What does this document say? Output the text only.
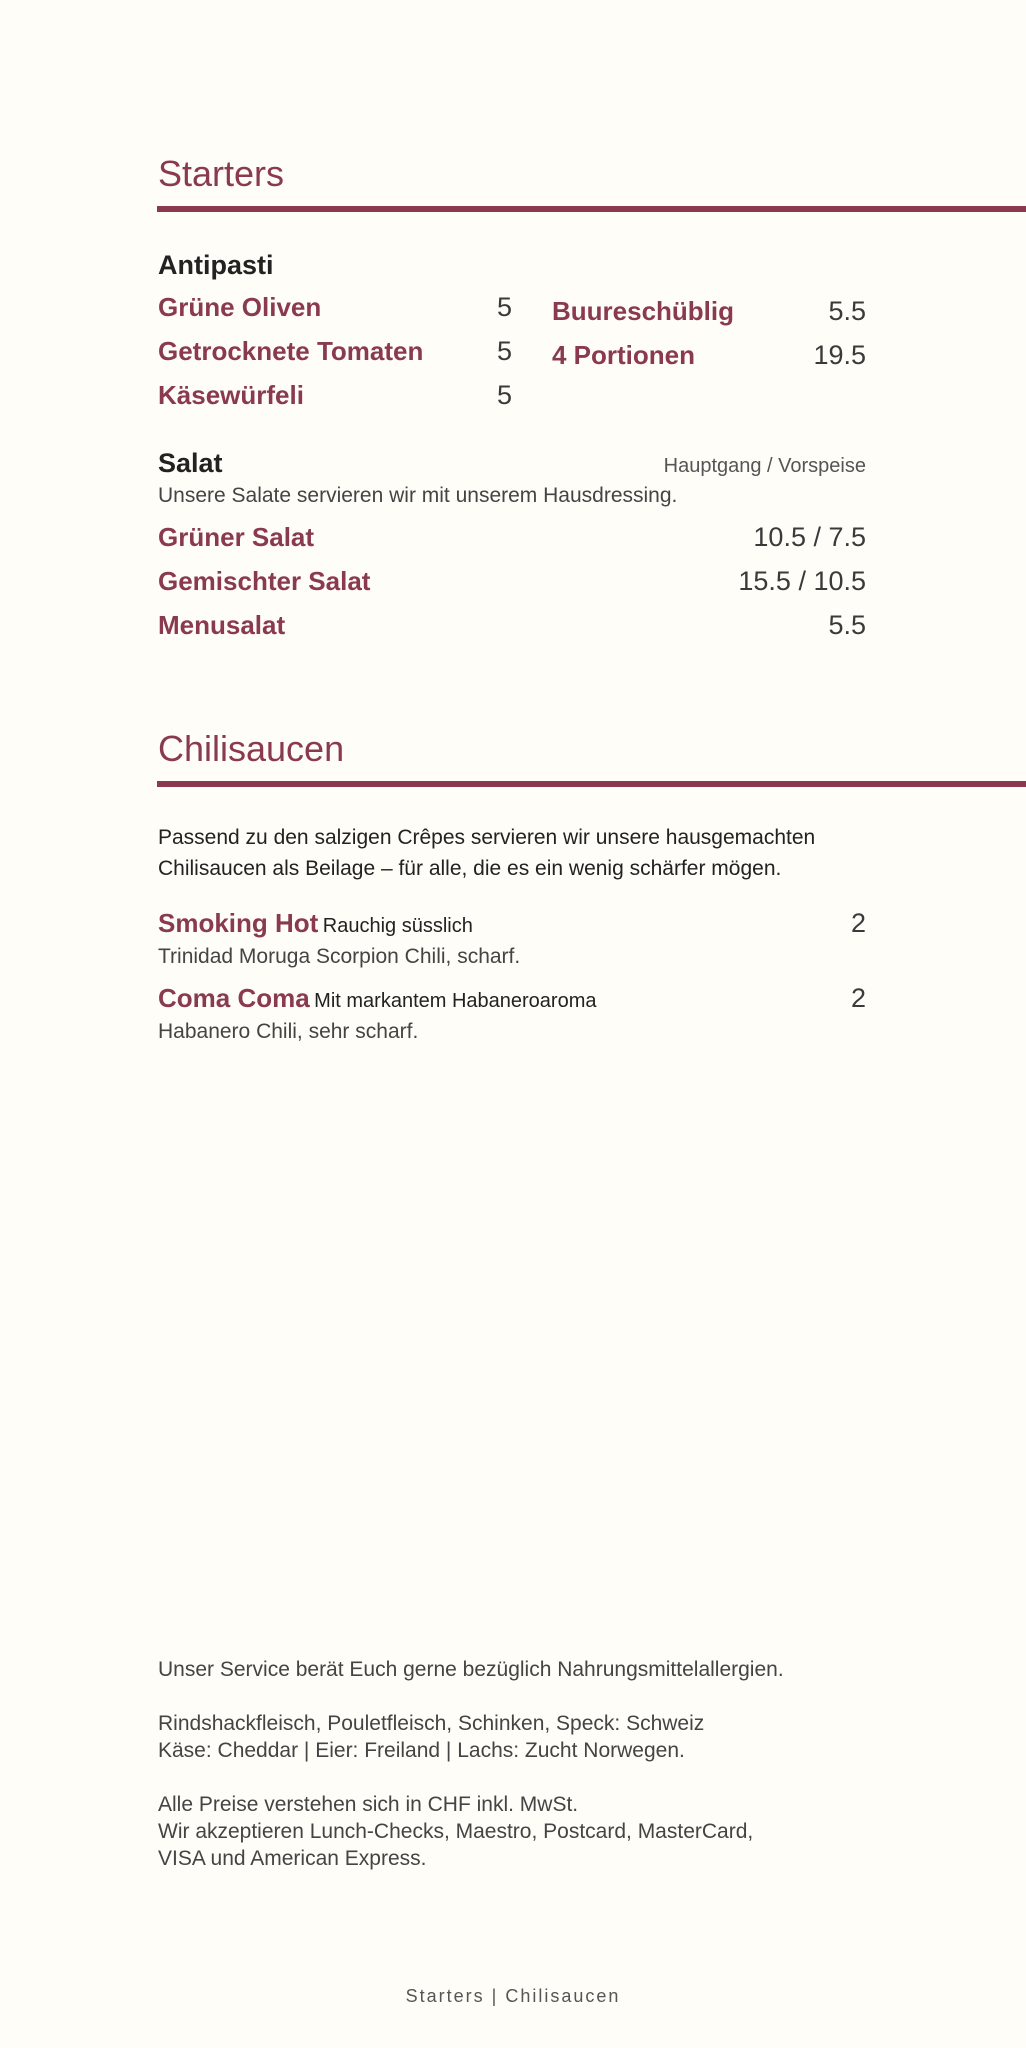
Starters
Antipasti
Grüne Oliven	5
Getrocknete Tomaten	5
Käsewürfeli	5
Buureschüblig	5.5
4 Portionen	19.5
Salat	Hauptgang / Vorspeise
Unsere Salate servieren wir mit unserem Hausdressing.
Grüner Salat	10.5 / 7.5
Gemischter Salat	15.5 / 10.5
Menusalat	5.5
Chilisaucen
Passend zu den salzigen Crêpes servieren wir unsere hausgemachten
Chilisaucen als Beilage – für alle, die es ein wenig schärfer mögen.
Smoking Hot Rauchig süsslich	2
Trinidad Moruga Scorpion Chili, scharf.
Coma Coma Mit markantem Habaneroaroma	2
Habanero Chili, sehr scharf.
Unser Service berät Euch gerne bezüglich Nahrungsmittelallergien.
Rindshackfleisch, Pouletfleisch, Schinken, Speck: Schweiz
Käse: Cheddar | Eier: Freiland | Lachs: Zucht Norwegen.
Alle Preise verstehen sich in CHF inkl. MwSt.
Wir akzeptieren Lunch-Checks, Maestro, Postcard, MasterCard,
VISA und American Express.
Starters | Chilisaucen
